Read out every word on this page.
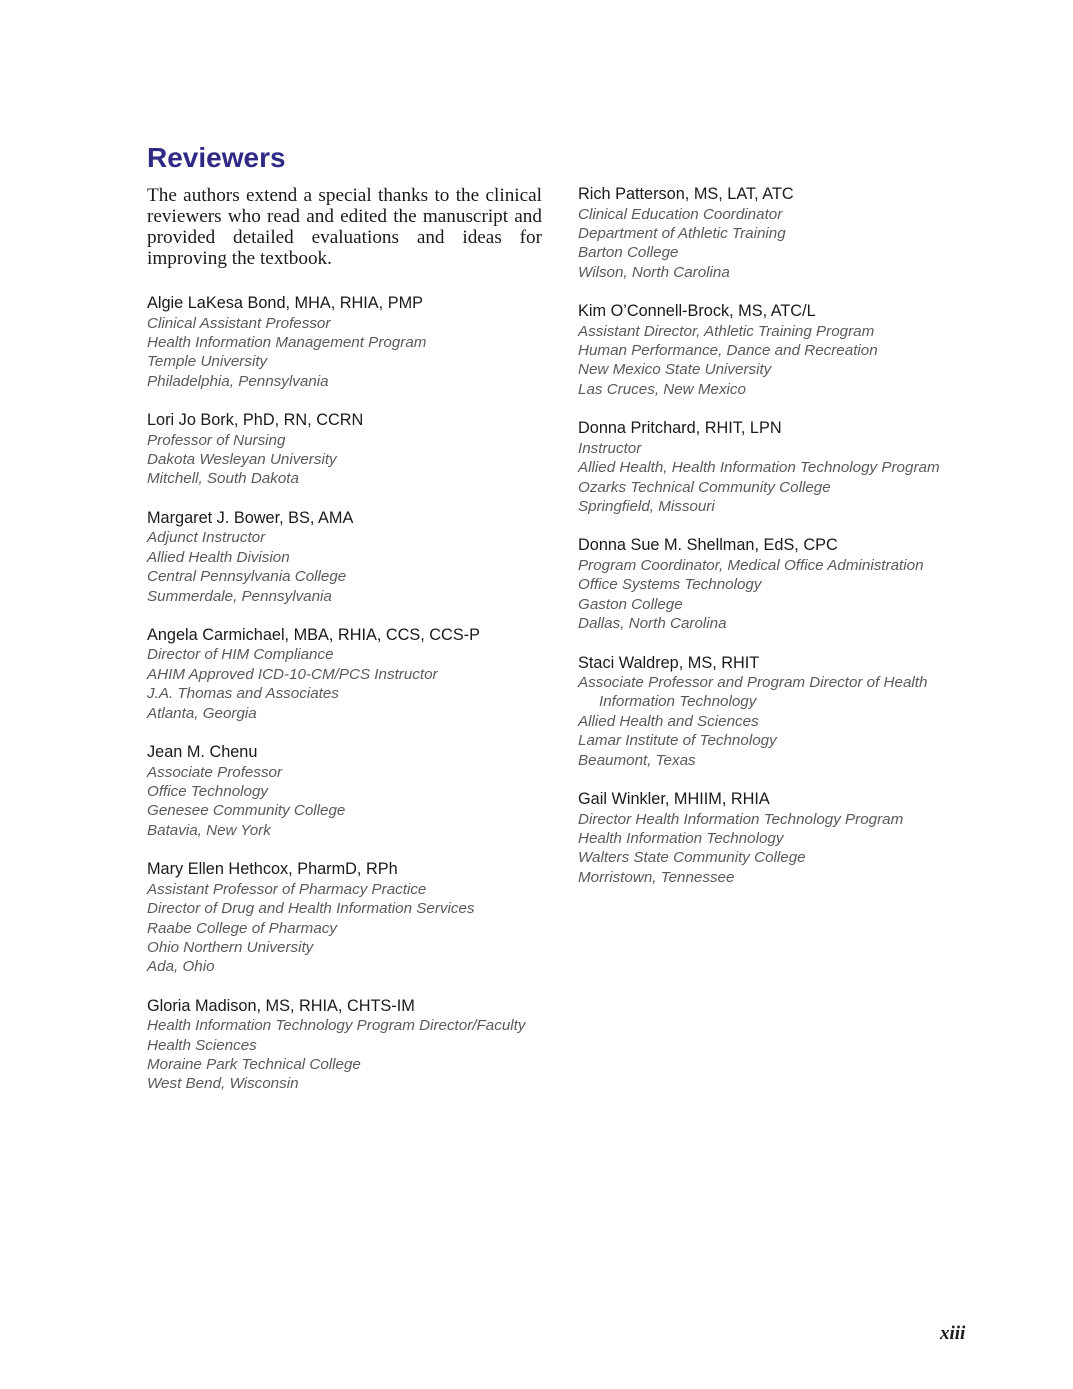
Reviewers

The authors extend a special thanks to the clinical reviewers who read and edited the manuscript and provided detailed evaluations and ideas for improving the textbook.

Algie LaKesa Bond, MHA, RHIA, PMP
Clinical Assistant Professor
Health Information Management Program
Temple University
Philadelphia, Pennsylvania
Lori Jo Bork, PhD, RN, CCRN
Professor of Nursing
Dakota Wesleyan University
Mitchell, South Dakota
Margaret J. Bower, BS, AMA
Adjunct Instructor
Allied Health Division
Central Pennsylvania College
Summerdale, Pennsylvania
Angela Carmichael, MBA, RHIA, CCS, CCS-P
Director of HIM Compliance
AHIM Approved ICD-10-CM/PCS Instructor
J.A. Thomas and Associates
Atlanta, Georgia
Jean M. Chenu
Associate Professor
Office Technology
Genesee Community College
Batavia, New York
Mary Ellen Hethcox, PharmD, RPh
Assistant Professor of Pharmacy Practice
Director of Drug and Health Information Services
Raabe College of Pharmacy
Ohio Northern University
Ada, Ohio
Gloria Madison, MS, RHIA, CHTS-IM
Health Information Technology Program Director/Faculty
Health Sciences
Moraine Park Technical College
West Bend, Wisconsin
Rich Patterson, MS, LAT, ATC
Clinical Education Coordinator
Department of Athletic Training
Barton College
Wilson, North Carolina
Kim O’Connell-Brock, MS, ATC/L
Assistant Director, Athletic Training Program
Human Performance, Dance and Recreation
New Mexico State University
Las Cruces, New Mexico
Donna Pritchard, RHIT, LPN
Instructor
Allied Health, Health Information Technology Program
Ozarks Technical Community College
Springfield, Missouri
Donna Sue M. Shellman, EdS, CPC
Program Coordinator, Medical Office Administration
Office Systems Technology
Gaston College
Dallas, North Carolina
Staci Waldrep, MS, RHIT
Associate Professor and Program Director of Health
Information Technology
Allied Health and Sciences
Lamar Institute of Technology
Beaumont, Texas
Gail Winkler, MHIIM, RHIA
Director Health Information Technology Program
Health Information Technology
Walters State Community College
Morristown, Tennessee
xiii
